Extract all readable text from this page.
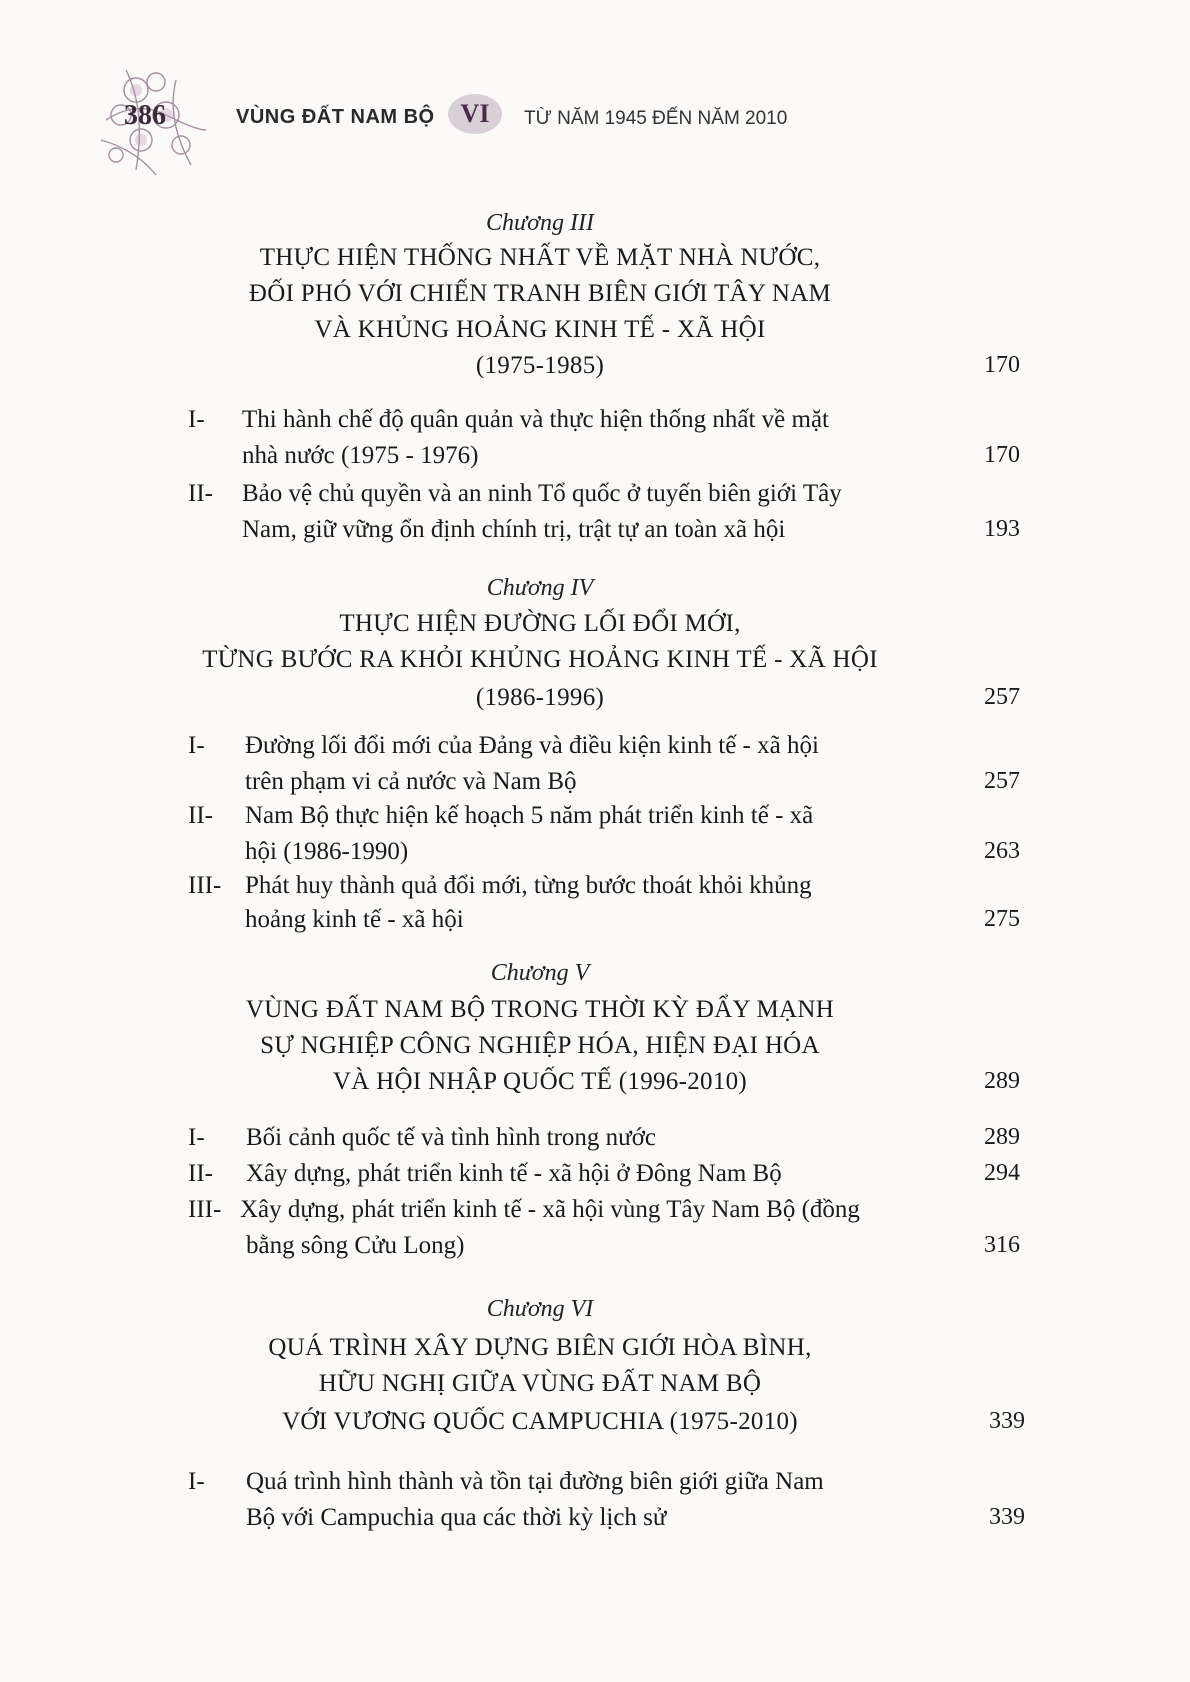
386	VÙNG ĐẤT NAM BỘ VI	TỪ NĂM 1945 ĐẾN NĂM 2010
Chương III
THỰC HIỆN THỐNG NHẤT VỀ MẶT NHÀ NƯỚC,
ĐỐI PHÓ VỚI CHIẾN TRANH BIÊN GIỚI TÂY NAM
VÀ KHỦNG HOẢNG KINH TẾ - XÃ HỘI
(1975-1985)	170
I- Thi hành chế độ quân quản và thực hiện thống nhất về mặt
nhà nước (1975 - 1976)	170
II- Bảo vệ chủ quyền và an ninh Tổ quốc ở tuyến biên giới Tây
Nam, giữ vững ổn định chính trị, trật tự an toàn xã hội	193
Chương IV
THỰC HIỆN ĐƯỜNG LỐI ĐỔI MỚI,
TỪNG BƯỚC RA KHỎI KHỦNG HOẢNG KINH TẾ - XÃ HỘI
(1986-1996)	257
I- Đường lối đổi mới của Đảng và điều kiện kinh tế - xã hội
trên phạm vi cả nước và Nam Bộ	257
II- Nam Bộ thực hiện kế hoạch 5 năm phát triển kinh tế - xã
hội (1986-1990)	263
III- Phát huy thành quả đổi mới, từng bước thoát khỏi khủng
hoảng kinh tế - xã hội	275
Chương V
VÙNG ĐẤT NAM BỘ TRONG THỜI KỲ ĐẨY MẠNH
SỰ NGHIỆP CÔNG NGHIỆP HÓA, HIỆN ĐẠI HÓA
VÀ HỘI NHẬP QUỐC TẾ (1996-2010)	289
I- Bối cảnh quốc tế và tình hình trong nước	289
II- Xây dựng, phát triển kinh tế - xã hội ở Đông Nam Bộ	294
III- Xây dựng, phát triển kinh tế - xã hội vùng Tây Nam Bộ (đồng
bằng sông Cửu Long)	316
Chương VI
QUÁ TRÌNH XÂY DỰNG BIÊN GIỚI HÒA BÌNH,
HỮU NGHỊ GIỮA VÙNG ĐẤT NAM BỘ
VỚI VƯƠNG QUỐC CAMPUCHIA (1975-2010)	339
I- Quá trình hình thành và tồn tại đường biên giới giữa Nam
Bộ với Campuchia qua các thời kỳ lịch sử	339
